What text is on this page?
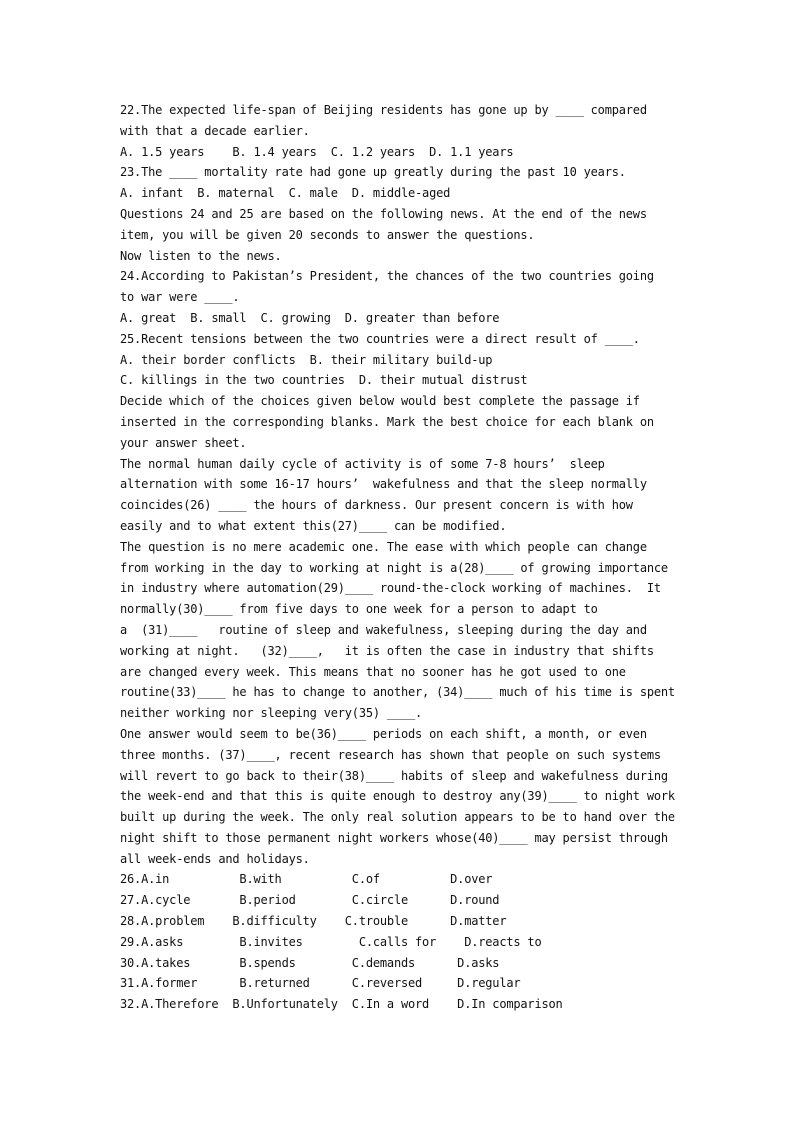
22.The expected life-span of Beijing residents has gone up by ____ compared
with that a decade earlier.
A. 1.5 years    B. 1.4 years  C. 1.2 years  D. 1.1 years
23.The ____ mortality rate had gone up greatly during the past 10 years.
A. infant  B. maternal  C. male  D. middle-aged
Questions 24 and 25 are based on the following news. At the end of the news
item, you will be given 20 seconds to answer the questions.
Now listen to the news.
24.According to Pakistan’s President, the chances of the two countries going
to war were ____.
A. great  B. small  C. growing  D. greater than before
25.Recent tensions between the two countries were a direct result of ____.
A. their border conflicts  B. their military build-up
C. killings in the two countries  D. their mutual distrust
Decide which of the choices given below would best complete the passage if
inserted in the corresponding blanks. Mark the best choice for each blank on
your answer sheet.
The normal human daily cycle of activity is of some 7-8 hours’  sleep
alternation with some 16-17 hours’  wakefulness and that the sleep normally
coincides(26) ____ the hours of darkness. Our present concern is with how
easily and to what extent this(27)____ can be modified.
The question is no mere academic one. The ease with which people can change
from working in the day to working at night is a(28)____ of growing importance
in industry where automation(29)____ round-the-clock working of machines.  It
normally(30)____ from five days to one week for a person to adapt to
a  (31)____   routine of sleep and wakefulness, sleeping during the day and
working at night.   (32)____,   it is often the case in industry that shifts
are changed every week. This means that no sooner has he got used to one
routine(33)____ he has to change to another, (34)____ much of his time is spent
neither working nor sleeping very(35) ____.
One answer would seem to be(36)____ periods on each shift, a month, or even
three months. (37)____, recent research has shown that people on such systems
will revert to go back to their(38)____ habits of sleep and wakefulness during
the week-end and that this is quite enough to destroy any(39)____ to night work
built up during the week. The only real solution appears to be to hand over the
night shift to those permanent night workers whose(40)____ may persist through
all week-ends and holidays.
26.A.in          B.with          C.of          D.over
27.A.cycle       B.period        C.circle      D.round
28.A.problem    B.difficulty    C.trouble      D.matter
29.A.asks        B.invites        C.calls for    D.reacts to
30.A.takes       B.spends        C.demands      D.asks
31.A.former      B.returned      C.reversed     D.regular
32.A.Therefore  B.Unfortunately  C.In a word    D.In comparison
